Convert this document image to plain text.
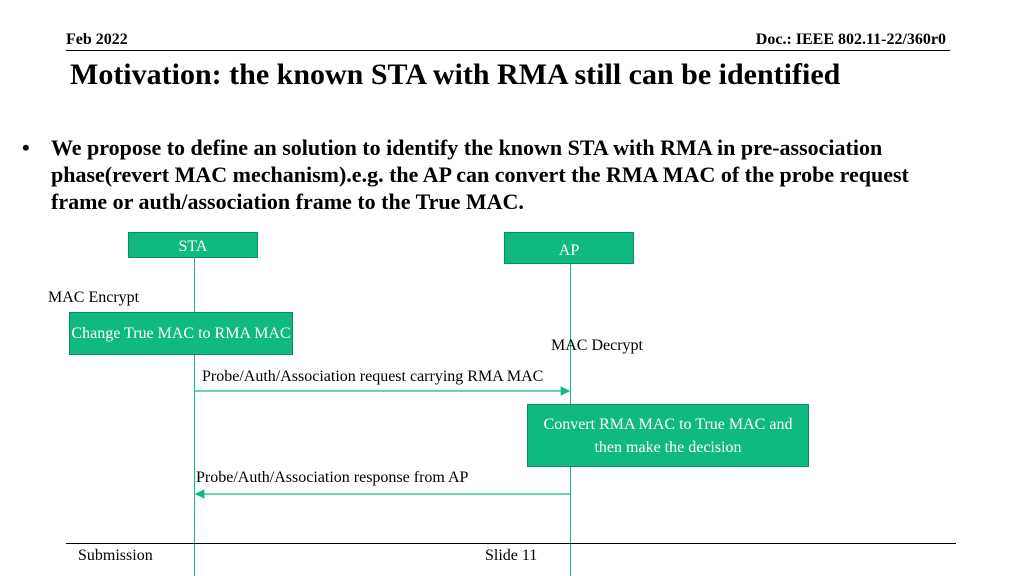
Feb 2022	Doc.: IEEE 802.11-22/360r0
Motivation: the known STA with RMA still can be identified
• We propose to define an solution to identify the known STA with RMA in pre-association phase(revert MAC mechanism).e.g. the AP can convert the RMA MAC of the probe request frame or auth/association frame to the True MAC.
STA	AP
MAC Encrypt
Change True MAC to RMA MAC
MAC Decrypt
Probe/Auth/Association request carrying RMA MAC
Convert RMA MAC to True MAC and then make the decision
Probe/Auth/Association response from AP
Submission	Slide 11
